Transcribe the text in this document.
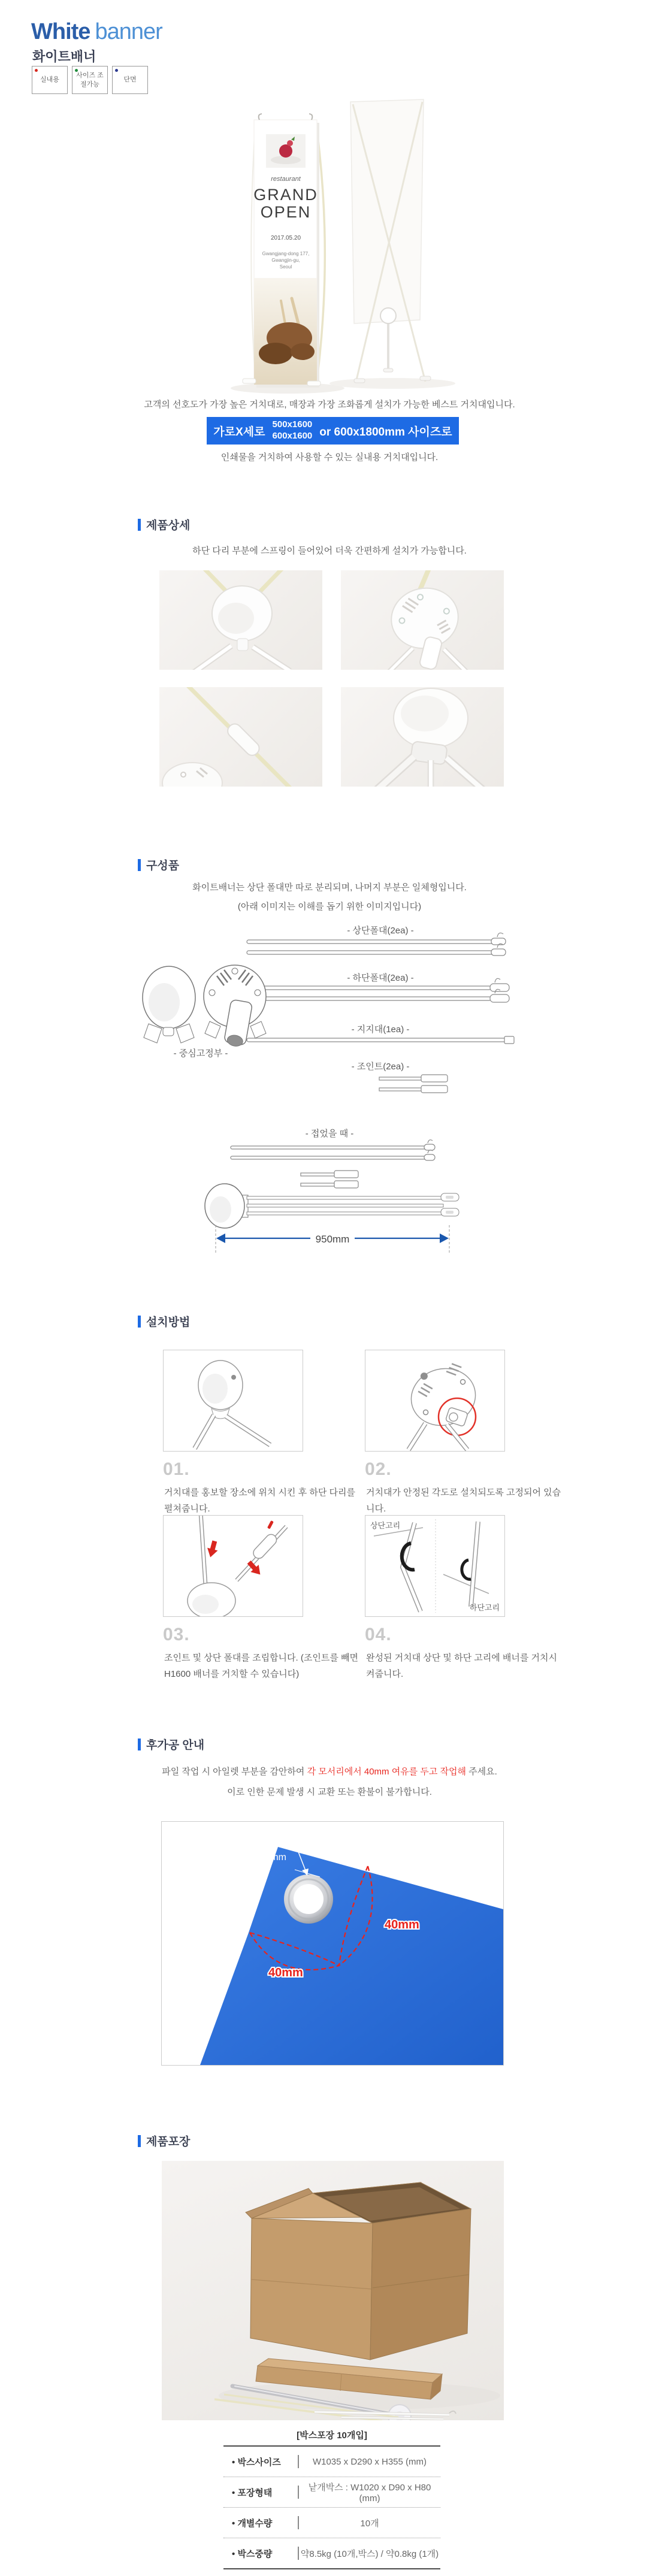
White banner
화이트배너
실내용
사이즈 조절가능
단면
restaurant
GRAND
OPEN
2017.05.20
Gwangjang-dong 177,
Gwangjin-gu,
Seoul
고객의 선호도가 가장 높은 거치대로, 매장과 가장 조화롭게 설치가 가능한 베스트 거치대입니다.
가로X세로
500x1600
600x1600 or 600x1800mm 사이즈로
인쇄물을 거치하여 사용할 수 있는 실내용 거치대입니다.
제품상세
하단 다리 부분에 스프링이 들어있어 더욱 간편하게 설치가 가능합니다.
구성품
화이트배너는 상단 폴대만 따로 분리되며, 나머지 부분은 일체형입니다.
(아래 이미지는 이해를 돕기 위한 이미지입니다)
- 상단폴대(2ea) -
- 하단폴대(2ea) -
- 지지대(1ea) -
- 조인트(2ea) -
- 중심고정부 -
- 접었을 때 -
950mm
설치방법
01.	02.
거치대를 홍보할 장소에 위치 시킨 후 하단 다리를 펼쳐줍니다.
거치대가 안정된 각도로 설치되도록 고정되어 있습니다.
상단고리
하단고리
03.	04.
조인트 및 상단 폴대를 조립합니다. (조인트를 빼면 H1600 배너를 거치할 수 있습니다)
완성된 거치대 상단 및 하단 고리에 배너를 거치시켜줍니다.
후가공 안내
파일 작업 시 아일렛 부분을 감안하여 각 모서리에서 40mm 여유를 두고 작업해 주세요.
이로 인한 문제 발생 시 교환 또는 환불이 불가합니다.
10mm
40mm
40mm
제품포장
[박스포장 10개입]
• 박스사이즈	W1035 x D290 x H355 (mm)
• 포장형태	낱개박스 : W1020 x D90 x H80 (mm)
• 개별수량	10개
• 박스중량	약8.5kg (10개,박스) / 약0.8kg (1개)
